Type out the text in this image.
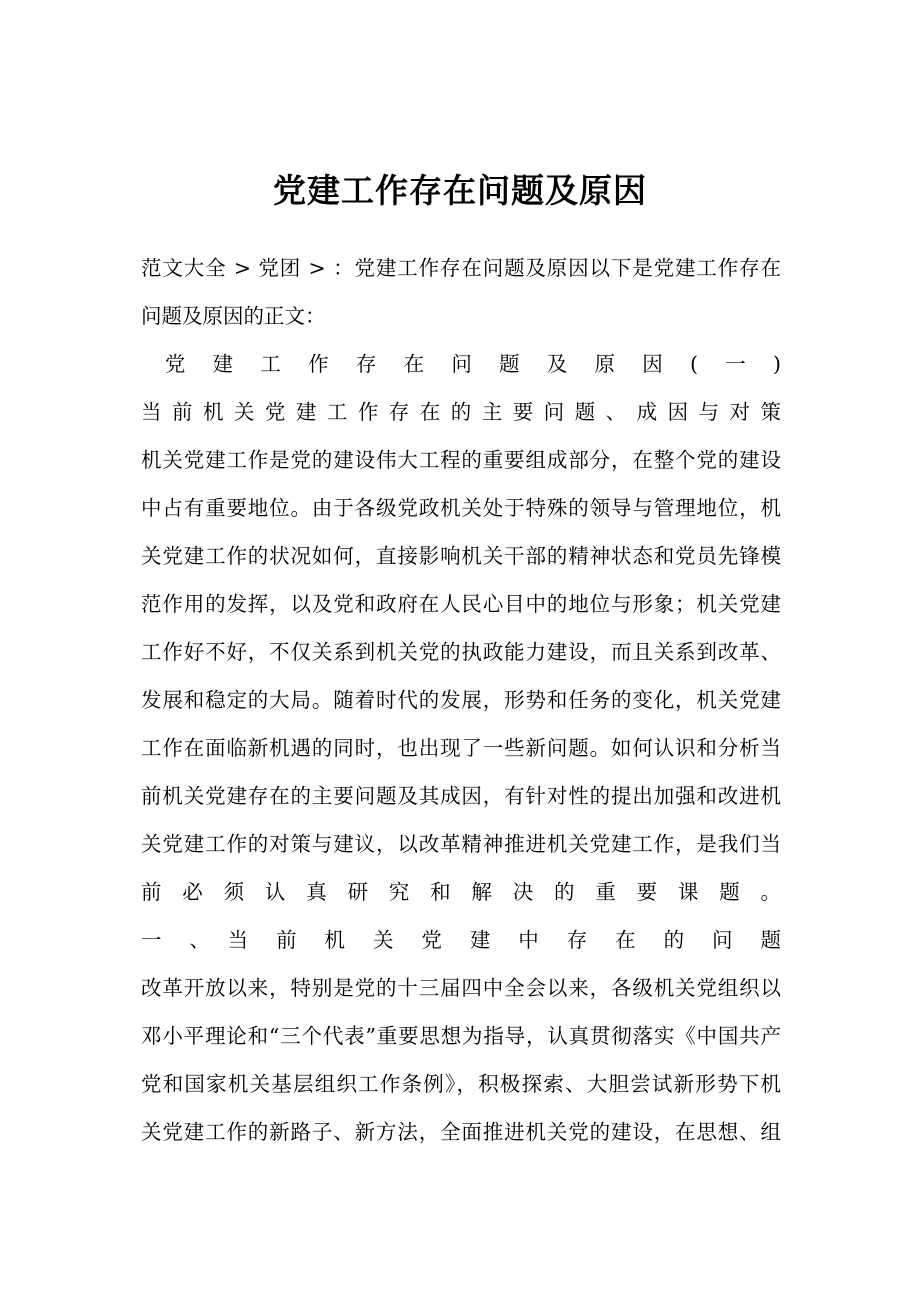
党建工作存在问题及原因
范文大全 > 党团 > ：党建工作存在问题及原因以下是党建工作存在
问题及原因的正文：
　党　建　工　作　存　在　问　题　及　原　因　(　一　)
当 前 机 关 党 建 工 作 存 在 的 主 要 问 题 、 成 因 与 对 策
机关党建工作是党的建设伟大工程的重要组成部分，在整个党的建设
中占有重要地位。由于各级党政机关处于特殊的领导与管理地位，机
关党建工作的状况如何，直接影响机关干部的精神状态和党员先锋模
范作用的发挥，以及党和政府在人民心目中的地位与形象；机关党建
工作好不好，不仅关系到机关党的执政能力建设，而且关系到改革、
发展和稳定的大局。随着时代的发展，形势和任务的变化，机关党建
工作在面临新机遇的同时，也出现了一些新问题。如何认识和分析当
前机关党建存在的主要问题及其成因，有针对性的提出加强和改进机
关党建工作的对策与建议，以改革精神推进机关党建工作，是我们当
前　必　须　认　真　研　究　和　解　决　的　重　要　课　题　。
一　、　当　前　机　关　党　建　中　存　在　的　问　题
改革开放以来，特别是党的十三届四中全会以来，各级机关党组织以
邓小平理论和“三个代表”重要思想为指导，认真贯彻落实《中国共产
党和国家机关基层组织工作条例》，积极探索、大胆尝试新形势下机
关党建工作的新路子、新方法，全面推进机关党的建设，在思想、组
